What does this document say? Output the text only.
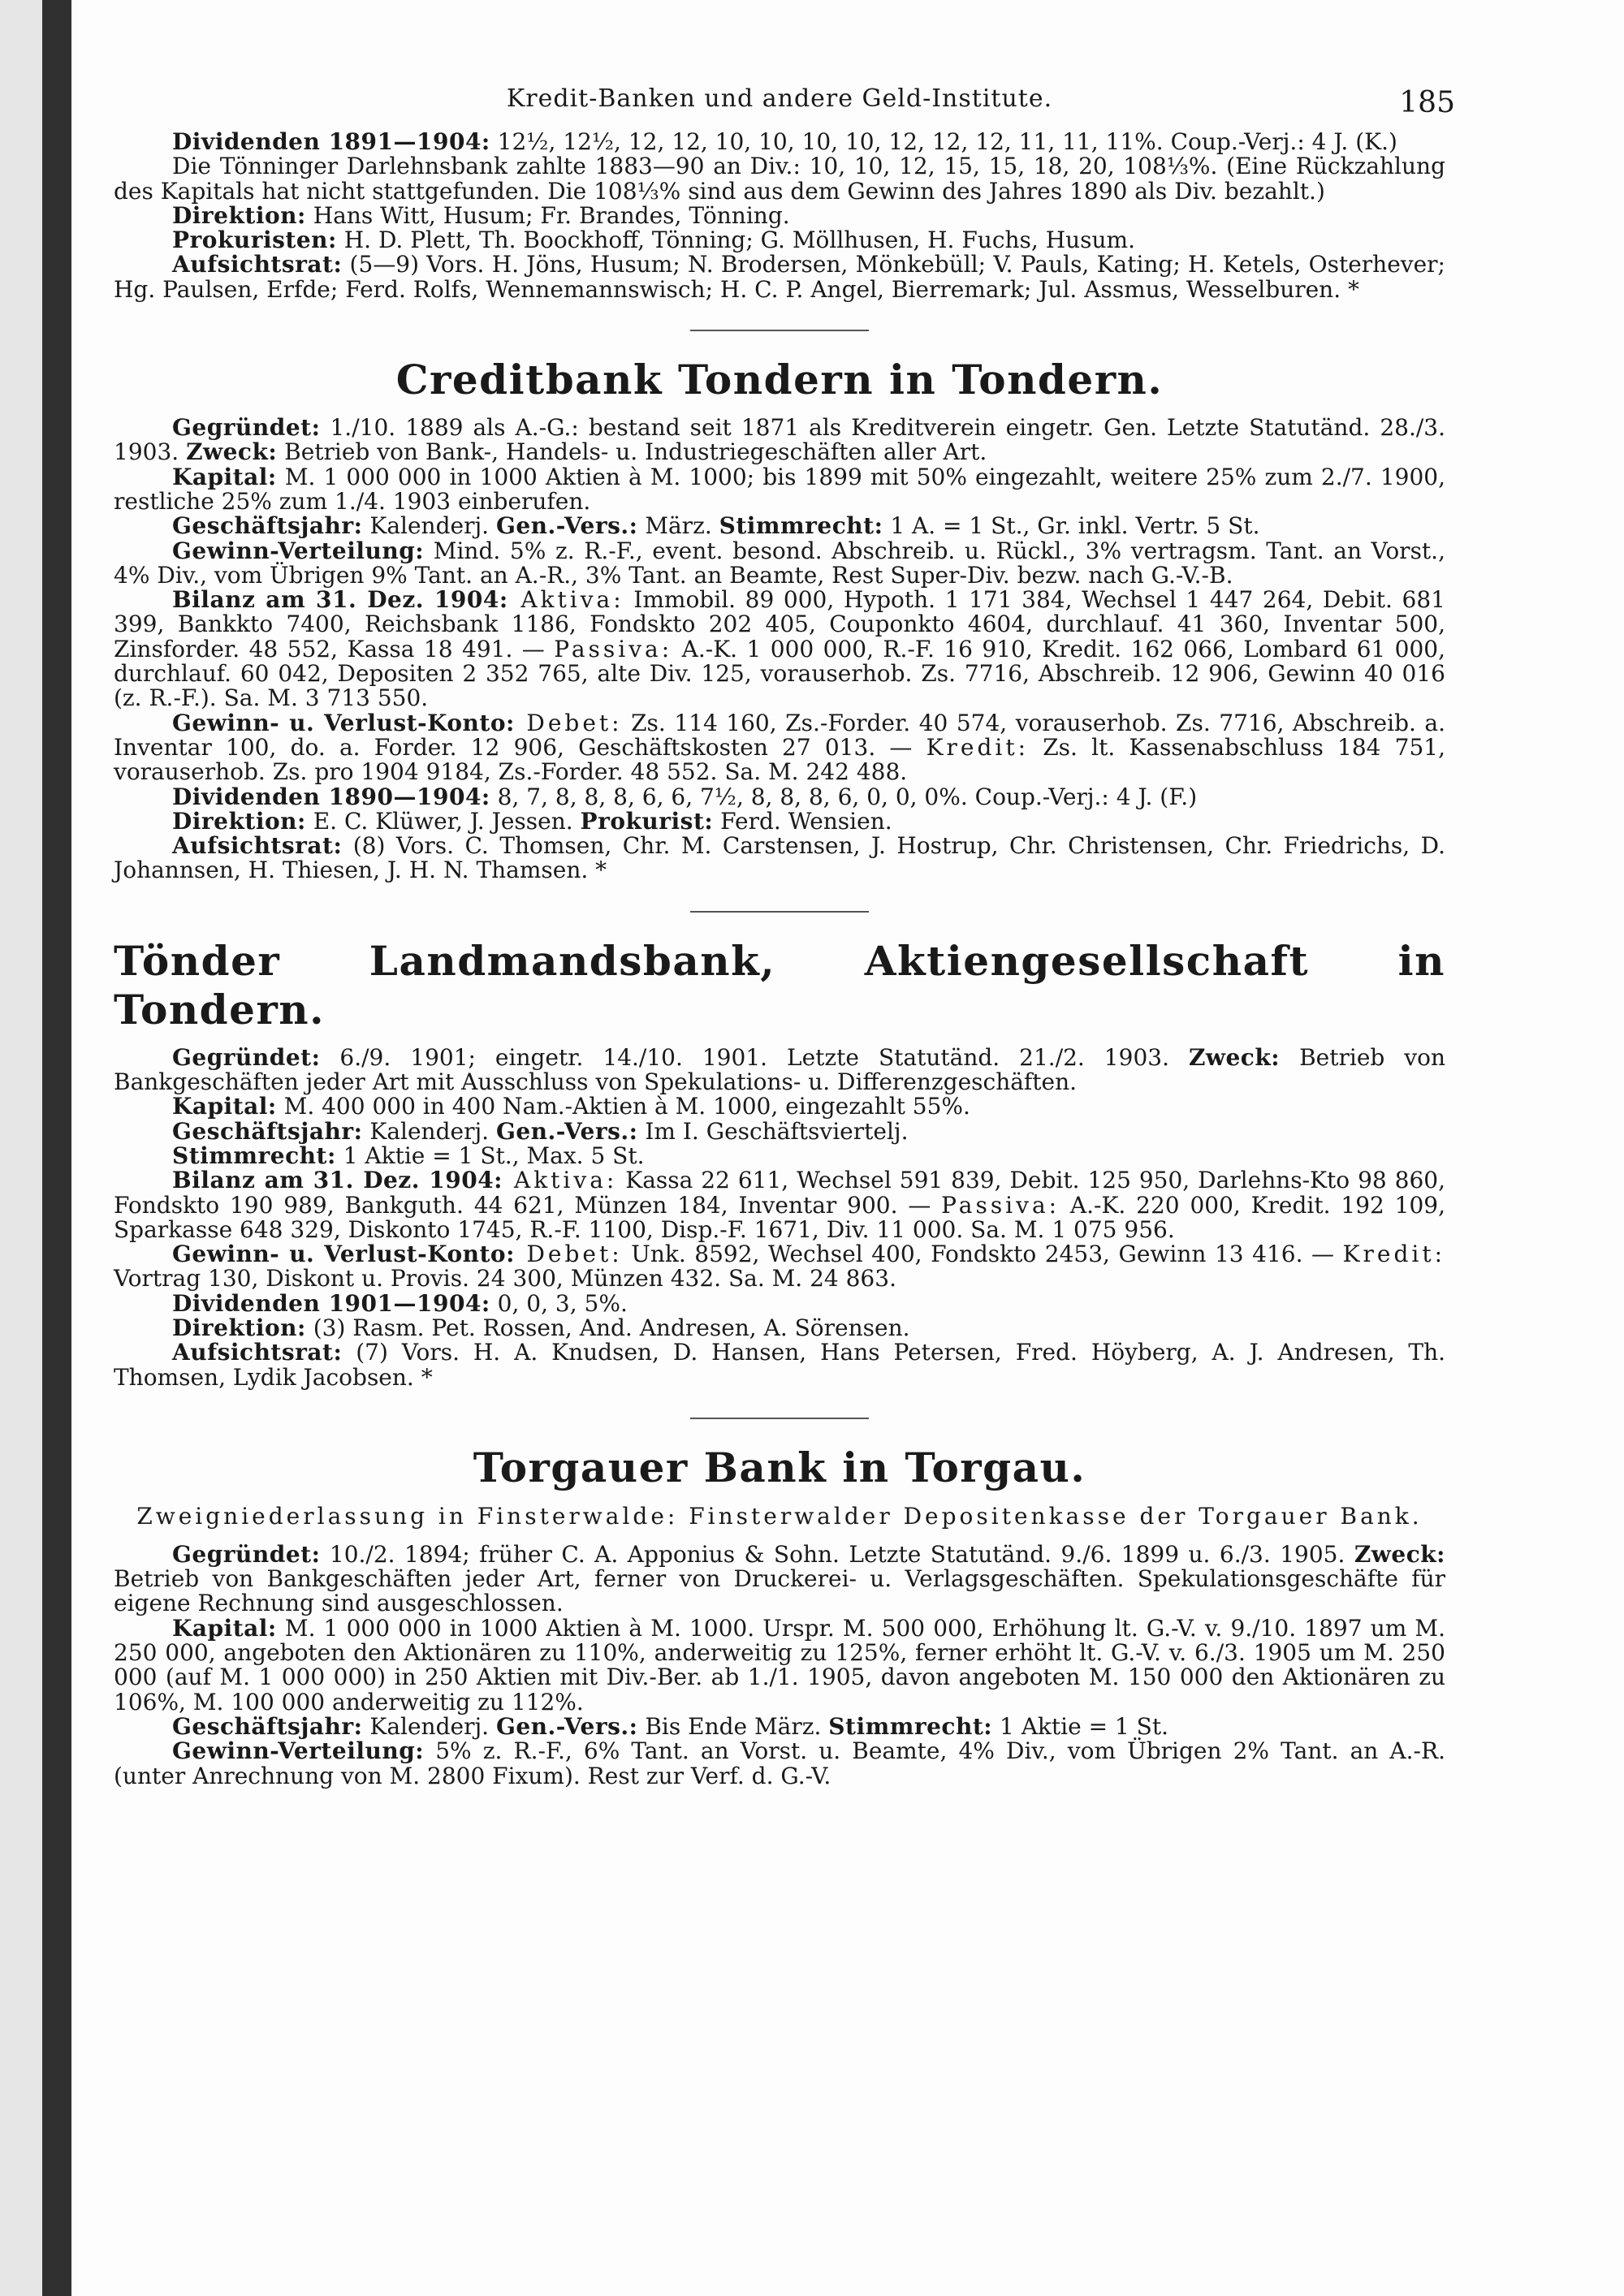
Kredit-Banken und andere Geld-Institute.	185

Dividenden 1891—1904: 12½, 12½, 12, 12, 10, 10, 10, 10, 12, 12, 12, 11, 11, 11%. Coup.-Verj.: 4 J. (K.)

Die Tönninger Darlehnsbank zahlte 1883—90 an Div.: 10, 10, 12, 15, 15, 18, 20, 108⅓%. (Eine Rückzahlung des Kapitals hat nicht stattgefunden. Die 108⅓% sind aus dem Gewinn des Jahres 1890 als Div. bezahlt.)

Direktion: Hans Witt, Husum; Fr. Brandes, Tönning.

Prokuristen: H. D. Plett, Th. Boockhoff, Tönning; G. Möllhusen, H. Fuchs, Husum.

Aufsichtsrat: (5—9) Vors. H. Jöns, Husum; N. Brodersen, Mönkebüll; V. Pauls, Kating; H. Ketels, Osterhever; Hg. Paulsen, Erfde; Ferd. Rolfs, Wennemannswisch; H. C. P. Angel, Bierremark; Jul. Assmus, Wesselburen. *

Creditbank Tondern in Tondern.

Gegründet: 1./10. 1889 als A.-G.: bestand seit 1871 als Kreditverein eingetr. Gen. Letzte Statutänd. 28./3. 1903. Zweck: Betrieb von Bank-, Handels- u. Industriegeschäften aller Art.

Kapital: M. 1 000 000 in 1000 Aktien à M. 1000; bis 1899 mit 50% eingezahlt, weitere 25% zum 2./7. 1900, restliche 25% zum 1./4. 1903 einberufen.

Geschäftsjahr: Kalenderj. Gen.-Vers.: März. Stimmrecht: 1 A. = 1 St., Gr. inkl. Vertr. 5 St.

Gewinn-Verteilung: Mind. 5% z. R.-F., event. besond. Abschreib. u. Rückl., 3% vertragsm. Tant. an Vorst., 4% Div., vom Übrigen 9% Tant. an A.-R., 3% Tant. an Beamte, Rest Super-Div. bezw. nach G.-V.-B.

Bilanz am 31. Dez. 1904: Aktiva: Immobil. 89 000, Hypoth. 1 171 384, Wechsel 1 447 264, Debit. 681 399, Bankkto 7400, Reichsbank 1186, Fondskto 202 405, Couponkto 4604, durchlauf. 41 360, Inventar 500, Zinsforder. 48 552, Kassa 18 491. — Passiva: A.-K. 1 000 000, R.-F. 16 910, Kredit. 162 066, Lombard 61 000, durchlauf. 60 042, Depositen 2 352 765, alte Div. 125, vorauserhob. Zs. 7716, Abschreib. 12 906, Gewinn 40 016 (z. R.-F.). Sa. M. 3 713 550.

Gewinn- u. Verlust-Konto: Debet: Zs. 114 160, Zs.-Forder. 40 574, vorauserhob. Zs. 7716, Abschreib. a. Inventar 100, do. a. Forder. 12 906, Geschäftskosten 27 013. — Kredit: Zs. lt. Kassenabschluss 184 751, vorauserhob. Zs. pro 1904 9184, Zs.-Forder. 48 552. Sa. M. 242 488.

Dividenden 1890—1904: 8, 7, 8, 8, 8, 6, 6, 7½, 8, 8, 8, 6, 0, 0, 0%. Coup.-Verj.: 4 J. (F.)

Direktion: E. C. Klüwer, J. Jessen. Prokurist: Ferd. Wensien.

Aufsichtsrat: (8) Vors. C. Thomsen, Chr. M. Carstensen, J. Hostrup, Chr. Christensen, Chr. Friedrichs, D. Johannsen, H. Thiesen, J. H. N. Thamsen. *

Tönder Landmandsbank, Aktiengesellschaft in Tondern.

Gegründet: 6./9. 1901; eingetr. 14./10. 1901. Letzte Statutänd. 21./2. 1903. Zweck: Betrieb von Bankgeschäften jeder Art mit Ausschluss von Spekulations- u. Differenzgeschäften.

Kapital: M. 400 000 in 400 Nam.-Aktien à M. 1000, eingezahlt 55%.

Geschäftsjahr: Kalenderj. Gen.-Vers.: Im I. Geschäftsviertelj.

Stimmrecht: 1 Aktie = 1 St., Max. 5 St.

Bilanz am 31. Dez. 1904: Aktiva: Kassa 22 611, Wechsel 591 839, Debit. 125 950, Darlehns-Kto 98 860, Fondskto 190 989, Bankguth. 44 621, Münzen 184, Inventar 900. — Passiva: A.-K. 220 000, Kredit. 192 109, Sparkasse 648 329, Diskonto 1745, R.-F. 1100, Disp.-F. 1671, Div. 11 000. Sa. M. 1 075 956.

Gewinn- u. Verlust-Konto: Debet: Unk. 8592, Wechsel 400, Fondskto 2453, Gewinn 13 416. — Kredit: Vortrag 130, Diskont u. Provis. 24 300, Münzen 432. Sa. M. 24 863.

Dividenden 1901—1904: 0, 0, 3, 5%.

Direktion: (3) Rasm. Pet. Rossen, And. Andresen, A. Sörensen.

Aufsichtsrat: (7) Vors. H. A. Knudsen, D. Hansen, Hans Petersen, Fred. Höyberg, A. J. Andresen, Th. Thomsen, Lydik Jacobsen. *

Torgauer Bank in Torgau.
Zweigniederlassung in Finsterwalde: Finsterwalder Depositenkasse der Torgauer Bank.

Gegründet: 10./2. 1894; früher C. A. Apponius & Sohn. Letzte Statutänd. 9./6. 1899 u. 6./3. 1905. Zweck: Betrieb von Bankgeschäften jeder Art, ferner von Druckerei- u. Verlagsgeschäften. Spekulationsgeschäfte für eigene Rechnung sind ausgeschlossen.

Kapital: M. 1 000 000 in 1000 Aktien à M. 1000. Urspr. M. 500 000, Erhöhung lt. G.-V. v. 9./10. 1897 um M. 250 000, angeboten den Aktionären zu 110%, anderweitig zu 125%, ferner erhöht lt. G.-V. v. 6./3. 1905 um M. 250 000 (auf M. 1 000 000) in 250 Aktien mit Div.-Ber. ab 1./1. 1905, davon angeboten M. 150 000 den Aktionären zu 106%, M. 100 000 anderweitig zu 112%.

Geschäftsjahr: Kalenderj. Gen.-Vers.: Bis Ende März. Stimmrecht: 1 Aktie = 1 St.

Gewinn-Verteilung: 5% z. R.-F., 6% Tant. an Vorst. u. Beamte, 4% Div., vom Übrigen 2% Tant. an A.-R. (unter Anrechnung von M. 2800 Fixum). Rest zur Verf. d. G.-V.
